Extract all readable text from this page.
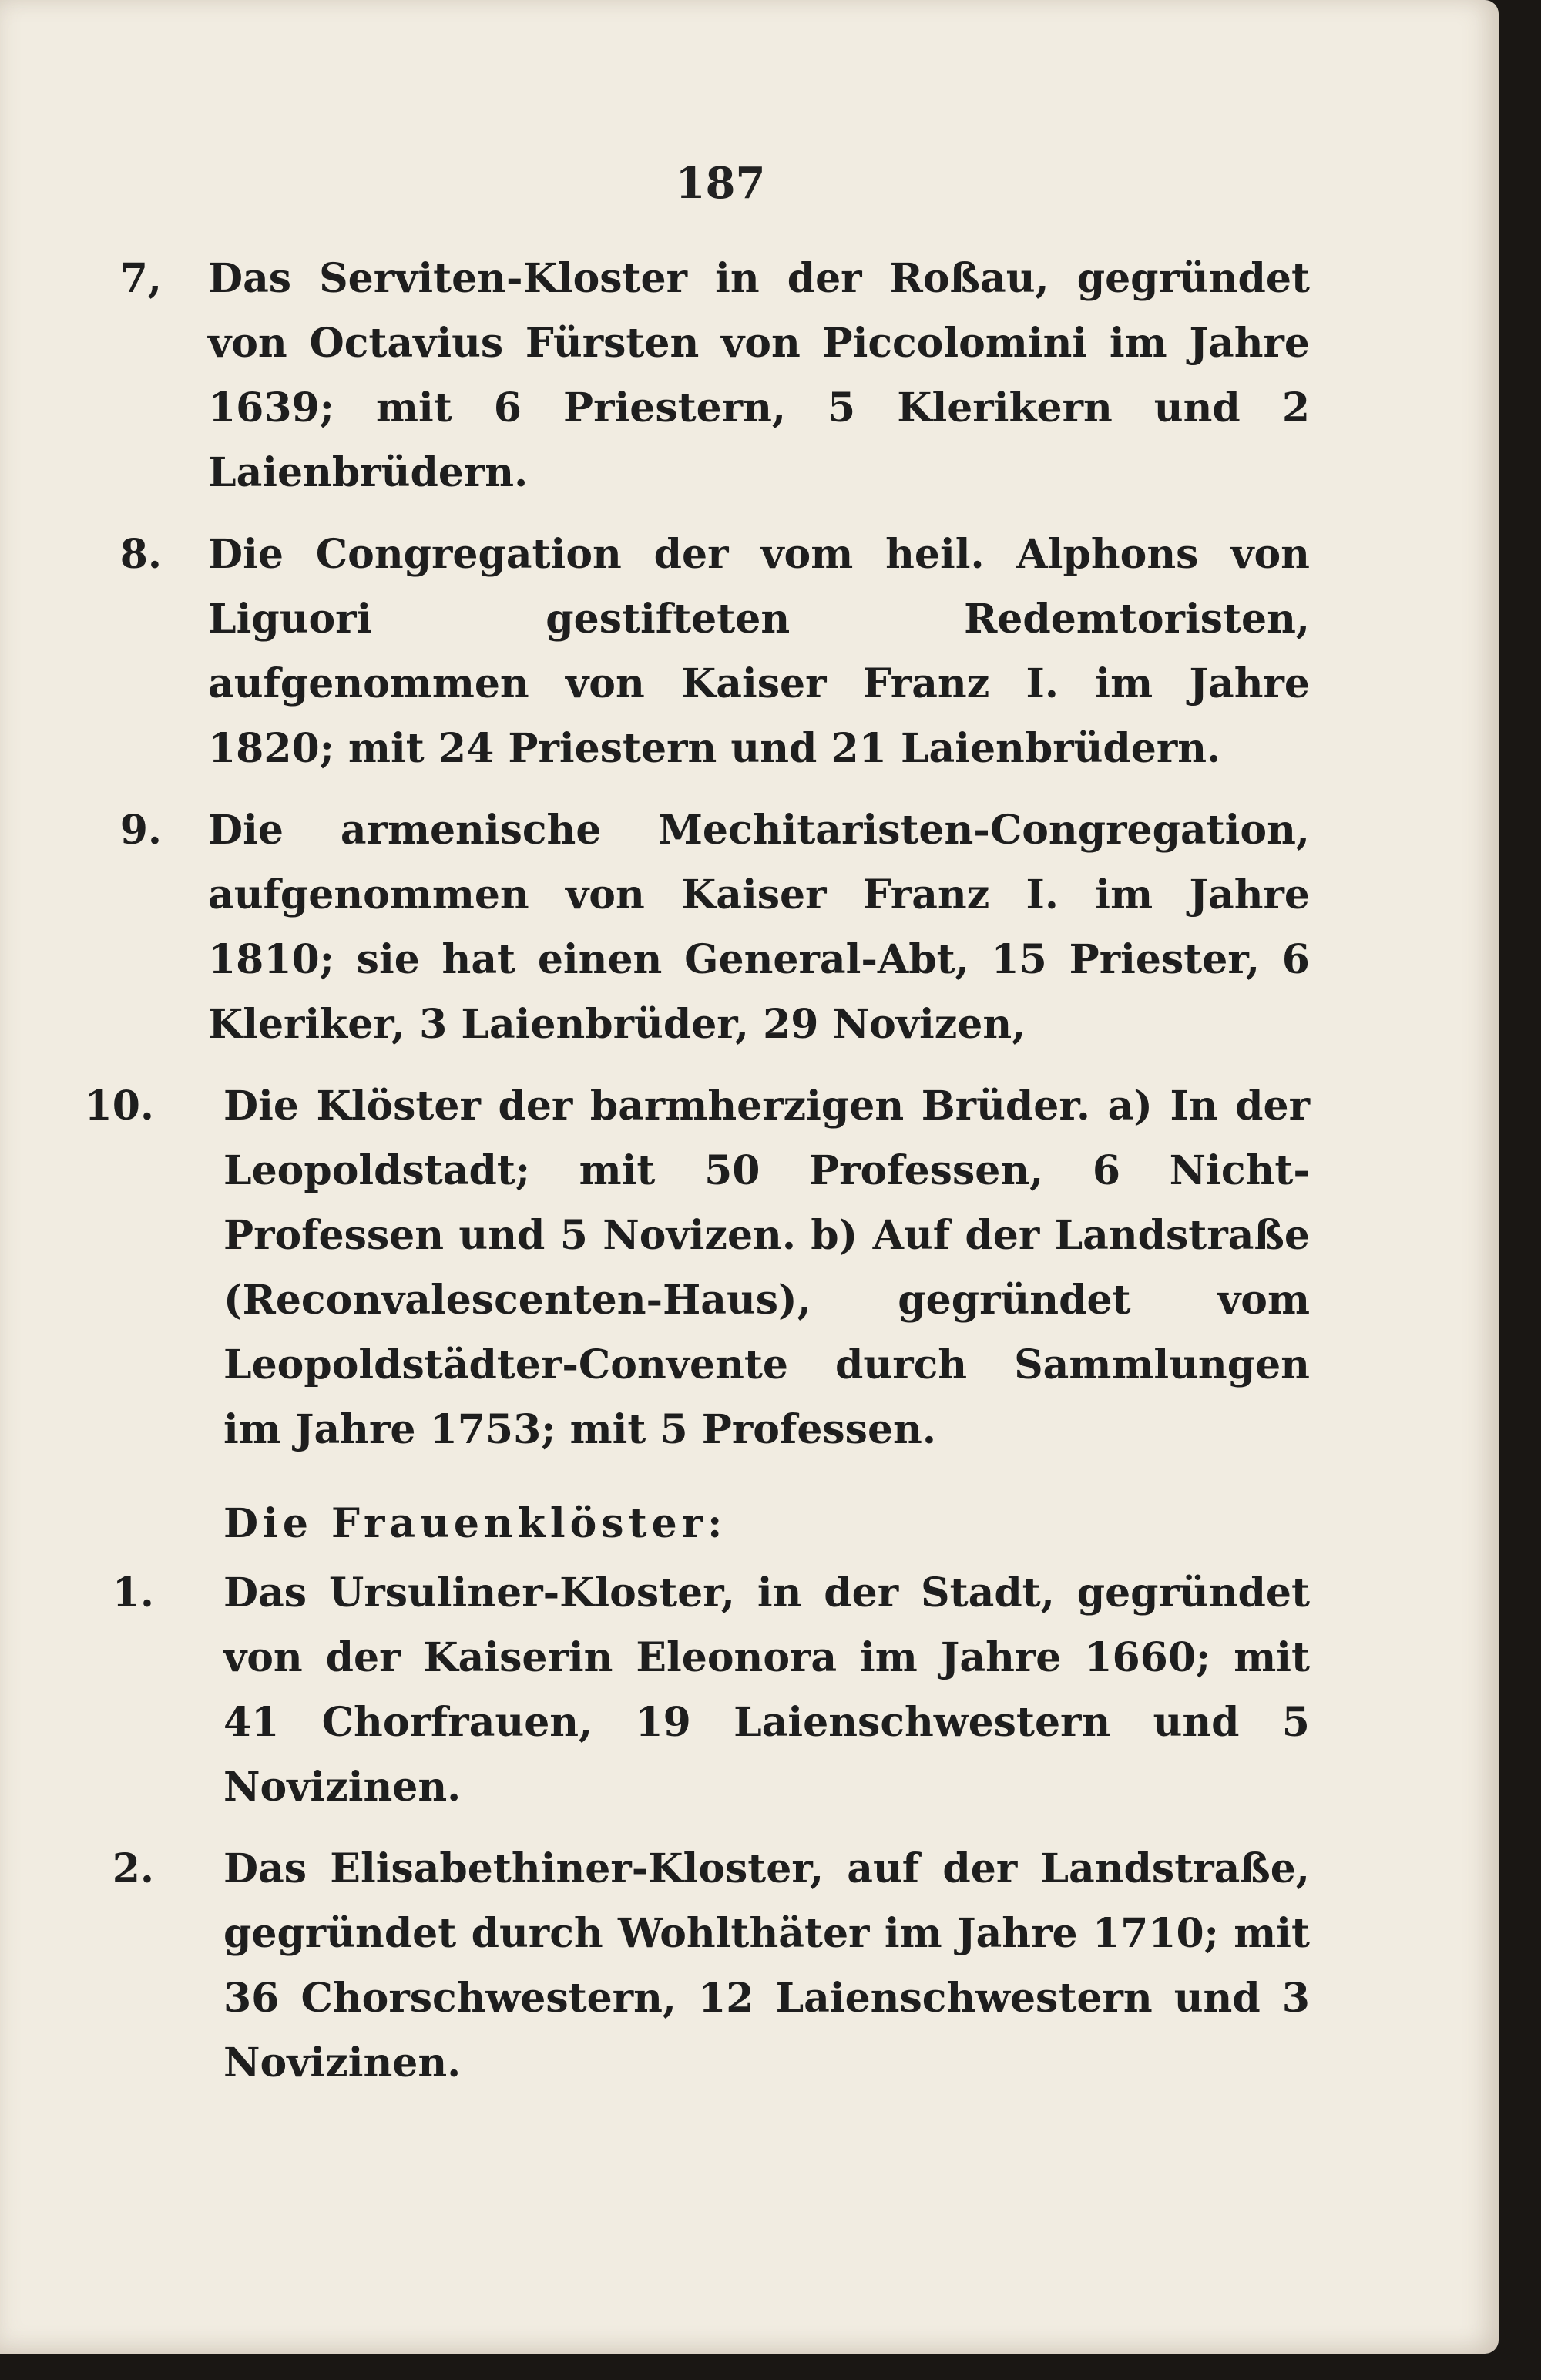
187
7,	Das Serviten-Kloster in der Roßau, gegründet von Octavius Fürsten von Piccolomini im Jahre 1639; mit 6 Priestern, 5 Klerikern und 2 Laienbrüdern.

8.	Die Congregation der vom heil. Alphons von Liguori gestifteten Redemtoristen, aufgenommen von Kaiser Franz I. im Jahre 1820; mit 24 Priestern und 21 Laienbrüdern.

9.	Die armenische Mechitaristen-Congregation, aufgenommen von Kaiser Franz I. im Jahre 1810; sie hat einen General-Abt, 15 Priester, 6 Kleriker, 3 Laienbrüder, 29 Novizen,

10.	Die Klöster der barmherzigen Brüder. a) In der Leopoldstadt; mit 50 Professen, 6 Nicht-Professen und 5 Novizen. b) Auf der Landstraße (Reconvalescenten-Haus), gegründet vom Leopoldstädter-Convente durch Sammlungen im Jahre 1753; mit 5 Professen.

Die Frauenklöster:
1.	Das Ursuliner-Kloster, in der Stadt, gegründet von der Kaiserin Eleonora im Jahre 1660; mit 41 Chorfrauen, 19 Laienschwestern und 5 Novizinen.

2.	Das Elisabethiner-Kloster, auf der Landstraße, gegründet durch Wohlthäter im Jahre 1710; mit 36 Chorschwestern, 12 Laienschwestern und 3 Novizinen.
